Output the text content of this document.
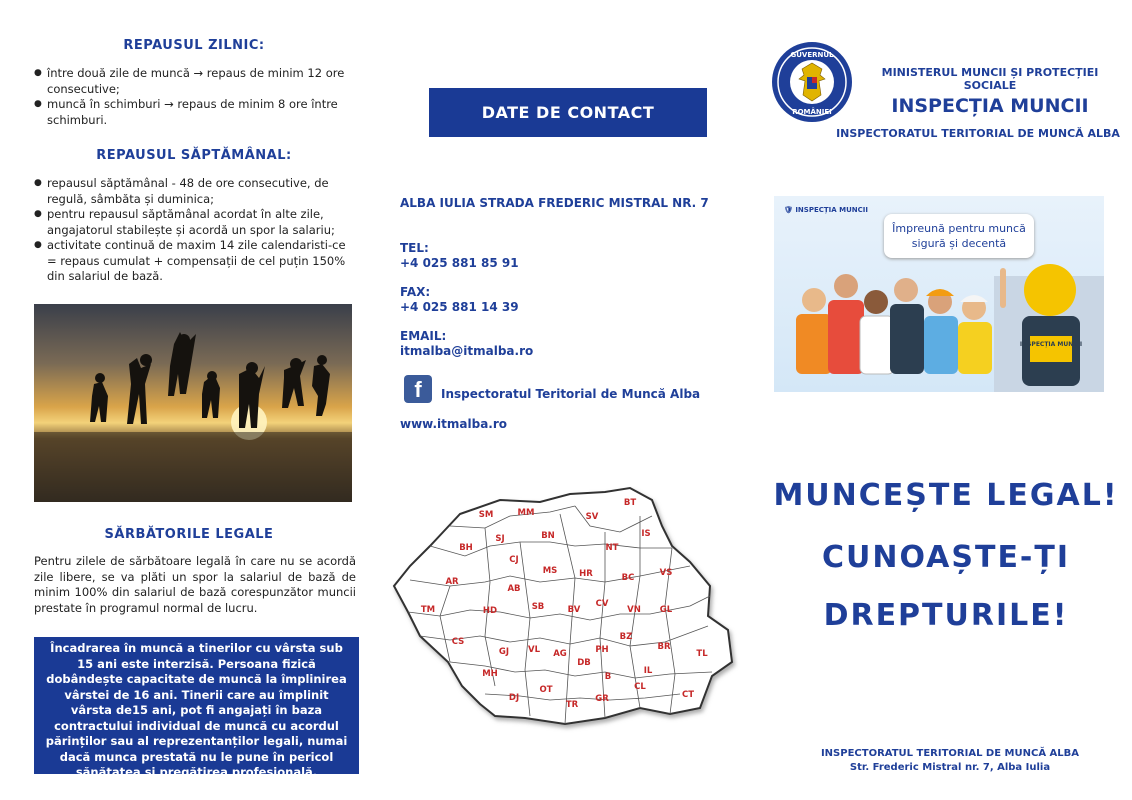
REPAUSUL ZILNIC:
● între două zile de muncă → repaus de minim 12 ore consecutive;
● muncă în schimburi → repaus de minim 8 ore între schimburi.
REPAUSUL SĂPTĂMÂNAL:
● repausul săptămânal - 48 de ore consecutive, de regulă, sâmbăta și duminica;
● pentru repausul săptămânal acordat în alte zile, angajatorul stabilește și acordă un spor la salariu;
● activitate continuă de maxim 14 zile calendaristi-ce = repaus cumulat + compensații de cel puțin 150% din salariul de bază.
SĂRBĂTORILE LEGALE
Pentru zilele de sărbătoare legală în care nu se acordă zile libere, se va plăti un spor la salariul de bază de minim 100% din salariul de bază corespunzător muncii prestate în programul normal de lucru.
Încadrarea în muncă a tinerilor cu vârsta sub 15 ani este interzisă. Persoana fizică dobândește capacitate de muncă la împlinirea vârstei de 16 ani. Tinerii care au împlinit vârsta de15 ani, pot fi angajați în baza contractului individual de muncă cu acordul părinților sau al reprezentanților legali, numai dacă munca prestată nu le pune în pericol sănătatea și pregătirea profesională.
DATE DE CONTACT
ALBA IULIA STRADA FREDERIC MISTRAL NR. 7
TEL:
+4 025 881 85 91
FAX:
+4 025 881 14 39
EMAIL:
itmalba@itmalba.ro
f	Inspectoratul Teritorial de Muncă Alba
www.itmalba.ro
SM	MM	SV
BT
BH
SJ	BN	IS
CJ
NT
AR
MS	HR	BC	VS
AB
TM	HD	SB	BV
CV
VN GL
CS	BZ
BR
GJ VL AG	PH	TL
MH
DB
IL
B
CL
OT
DJ
TR
GR	CT
GUVERNUL
ROMÂNIEI
MINISTERUL MUNCII ȘI PROTECȚIEI SOCIALE
INSPECȚIA MUNCII
INSPECTORATUL TERITORIAL DE MUNCĂ ALBA
🛡 INSPECȚIA MUNCII
Împreună pentru muncă sigură și decentă
INSPECȚIA MUNCII
MUNCEȘTE LEGAL!
CUNOAȘTE-ȚI
DREPTURILE!
INSPECTORATUL TERITORIAL DE MUNCĂ ALBA
Str. Frederic Mistral nr. 7, Alba Iulia
